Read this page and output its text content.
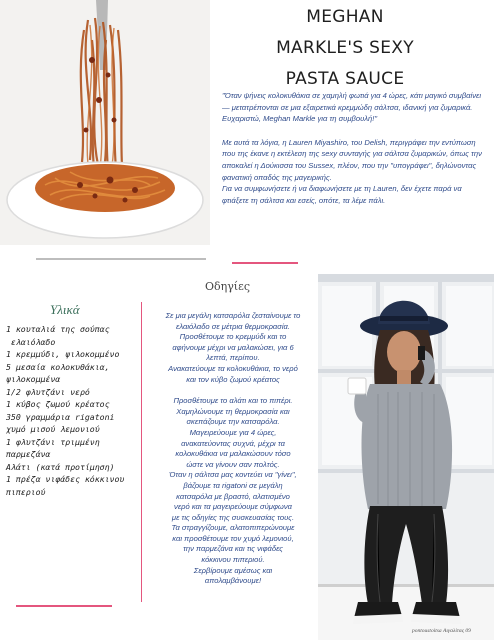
MEGHAN
MARKLE'S SEXY
PASTA SAUCE

"Όταν ψήνεις κολοκυθάκια σε χαμηλή φωτιά για 4 ώρες, κάτι μαγικό συμβαίνει — μετατρέπονται σε μια εξαιρετικά κρεμμώδη σάλτσα, ιδανική για ζυμαρικά. Ευχαριστώ, Meghan Markle για τη συμβουλή!"

Με αυτά τα λόγια, η Lauren Miyashiro, του Delish, περιγράφει την εντύπωση που της έκανε η εκτέλεση της sexy συνταγής για σάλτσα ζυμαρικών, όπως την αποκαλεί η Δούκισσα του Sussex, πλέον, που την "υπογράφει", δηλώνοντας φανατική οπαδός της μαγειρικής.

Για να συμφωνήσετε ή να διαφωνήσετε με τη Lauren, δεν έχετε παρά να φτιάξετε τη σάλτσα και εσείς, οπότε, τα λέμε πάλι.

Οδηγίες
pontoustoitsa Αιγαλίτας 09
Υλικά
1 κουταλιά της σούπας
ελαιόλαδο
1 κρεμμύδι, ψιλοκομμένο
5 μεσαία κολοκυθάκια,
ψιλοκομμένα
1/2 φλυτζάνι νερό
1 κύβος ζωμού κρέατος
350 γραμμάρια rigatoni
χυμό μισού λεμονιού
1 φλυτζάνι τριμμένη
παρμεζάνα
Αλάτι (κατά προτίμηση)
1 πρέζα νιφάδες κόκκινου
πιπεριού

Σε μια μεγάλη κατσαρόλα ζεσταίνουμε το

ελαιόλαδο σε μέτρια θερμοκρασία.

Προσθέτουμε το κρεμμύδι και το

αφήνουμε μέχρι να μαλακώσει, για 6

λεπτά, περίπου.

Ανακατεύουμε τα κολοκυθάκια, το νερό

και τον κύβο ζωμού κρέατος

Προσθέτουμε το αλάτι και το πιπέρι.

Χαμηλώνουμε τη θερμοκρασία και

σκεπάζουμε την κατσαρόλα.

Μαγειρεύουμε για 4 ώρες,

ανακατεύοντας συχνά, μέχρι τα

κολοκυθάκια να μαλακώσουν τόσο

ώστε να γίνουν σαν πολτός.

Όταν η σάλτσα μας κοντεύει να "γίνει",

βάζουμε τα rigatoni σε μεγάλη

κατσαρόλα με βραστό, αλατισμένο

νερό και τα μαγειρεύουμε σύμφωνα

με τις οδηγίες της συσκευασίας τους.

Τα στραγγίζουμε, αλατοπιπερώνουμε

και προσθέτουμε τον χυμό λεμονιού,

την παρμεζάνα και τις νιφάδες

κόκκινου πιπεριού.

Σερβίρουμε αμέσως και

απολαμβάνουμε!
